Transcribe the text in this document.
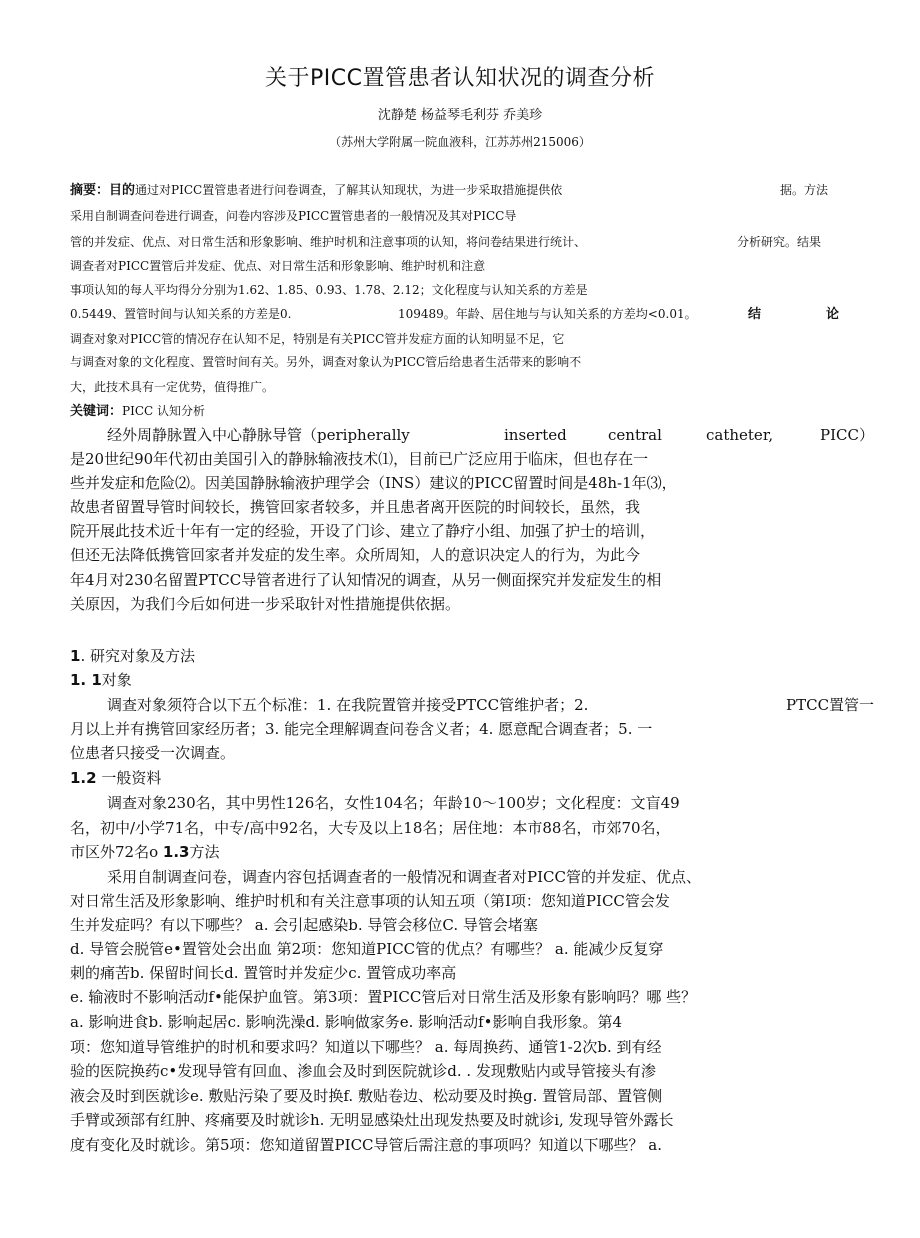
关于PICC置管患者认知状况的调查分析
沈静楚 杨益琴毛利芬 乔美珍
（苏州大学附属一院血液科，江苏苏州215006）
摘要：目的通过对PICC置管患者进行问卷调查，了解其认知现状，为进一步采取措施提供依	据。方法
采用自制调查问卷进行调查，问卷内容涉及PICC置管患者的一般情况及其对PICC导
管的并发症、优点、对日常生活和形象影响、维护时机和注意事项的认知，将问卷结果进行统计、	分析研究。结果
调查者对PICC置管后并发症、优点、对日常生活和形象影响、维护时机和注意
事项认知的每人平均得分分别为1.62、1.85、0.93、1.78、2.12；文化程度与认知关系的方差是
0.5449、置管时间与认知关系的方差是0.	109489。年龄、居住地与与认知关系的方差均<0.01。	结	论
调查对象对PICC管的情况存在认知不足，特别是有关PICC管并发症方面的认知明显不足，它
与调查对象的文化程度、置管时间有关。另外，调查对象认为PICC管后给患者生活带来的影响不
大，此技术具有一定优势，值得推广。
关键词：PICC 认知分析
经外周静脉置入中心静脉导管（peripherally	inserted	central	catheter,	PICC）
是20世纪90年代初由美国引入的静脉输液技术⑴，目前已广泛应用于临床，但也存在一
些并发症和危险⑵。因美国静脉输液护理学会（INS）建议的PICC留置时间是48h-1年⑶，
故患者留置导管时间较长，携管回家者较多，并且患者离开医院的时间较长，虽然，我
院开展此技术近十年有一定的经验，开设了门诊、建立了静疗小组、加强了护士的培训，
但还无法降低携管回家者并发症的发生率。众所周知，人的意识决定人的行为，为此今
年4月对230名留置PTCC导管者进行了认知情况的调查，从另一侧面探究并发症发生的相
关原因，为我们今后如何进一步采取针对性措施提供依据。
1. 研究对象及方法
1. 1对象
调查对象须符合以下五个标准：1. 在我院置管并接受PTCC管维护者；2.	PTCC置管一
月以上并有携管回家经历者；3. 能完全理解调查问卷含义者；4. 愿意配合调查者；5. 一
位患者只接受一次调查。
1.2 一般资料
调查对象230名，其中男性126名，女性104名；年龄10～100岁；文化程度：文盲49
名，初中/小学71名，中专/高中92名，大专及以上18名；居住地：本市88名，市郊70名，
市区外72名o 1.3方法
采用自制调查问卷，调查内容包括调查者的一般情况和调查者对PICC管的并发症、优点、
对日常生活及形象影响、维护时机和有关注意事项的认知五项（第I项：您知道PICC管会发
生并发症吗？有以下哪些？ a. 会引起感染b. 导管会移位C. 导管会堵塞
d. 导管会脱管e•置管处会出血 第2项：您知道PICC管的优点？有哪些？ a. 能减少反复穿
刺的痛苦b. 保留时间长d. 置管时并发症少c. 置管成功率高
e. 输液时不影响活动f•能保护血管。第3项：置PICC管后对日常生活及形象有影响吗？哪 些？
a. 影响进食b. 影响起居c. 影响洗澡d. 影响做家务e. 影响活动f•影响自我形象。第4
项：您知道导管维护的时机和要求吗？知道以下哪些？ a. 每周换药、通管1-2次b. 到有经
验的医院换药c•发现导管有回血、渗血会及时到医院就诊d. . 发现敷贴内或导管接头有渗
液会及时到医就诊e. 敷贴污染了要及时换f. 敷贴卷边、松动要及时换g. 置管局部、置管侧
手臂或颈部有红肿、疼痛要及时就诊h. 无明显感染灶出现发热要及时就诊i, 发现导管外露长
度有变化及时就诊。第5项：您知道留置PICC导管后需注意的事项吗？知道以下哪些？ a.
